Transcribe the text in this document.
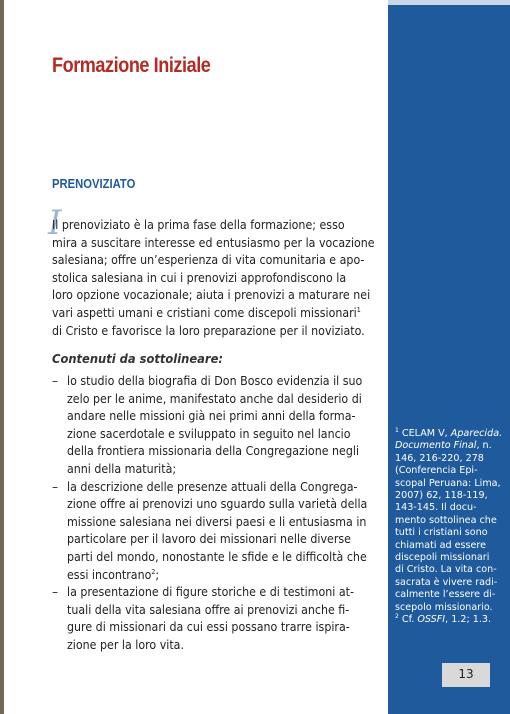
Formazione Iniziale
PRENOVIZIATO
I
Il prenoviziato è la prima fase della formazione; esso
mira a suscitare interesse ed entusiasmo per la vocazione
salesiana; offre un’esperienza di vita comunitaria e apo-
stolica salesiana in cui i prenovizi approfondiscono la
loro opzione vocazionale; aiuta i prenovizi a maturare nei
vari aspetti umani e cristiani come discepoli missionari$^1$
di Cristo e favorisce la loro preparazione per il noviziato.
Contenuti da sottolineare:
– lo studio della biografia di Don Bosco evidenzia il suo
zelo per le anime, manifestato anche dal desiderio di
andare nelle missioni già nei primi anni della forma-
zione sacerdotale e sviluppato in seguito nel lancio
della frontiera missionaria della Congregazione negli
anni della maturità;
– la descrizione delle presenze attuali della Congrega-
zione offre ai prenovizi uno sguardo sulla varietà della
missione salesiana nei diversi paesi e li entusiasma in
particolare per il lavoro dei missionari nelle diverse
parti del mondo, nonostante le sfide e le difficoltà che
essi incontrano$^2$;
– la presentazione di figure storiche e di testimoni at-
tuali della vita salesiana offre ai prenovizi anche fi-
gure di missionari da cui essi possano trarre ispira-
zione per la loro vita.
$^1$ CELAM V, Aparecida.
Documento Final, n.
146, 216-220, 278
(Conferencia Epi-
scopal Peruana: Lima,
2007) 62, 118-119,
143-145. Il docu-
mento sottolinea che
tutti i cristiani sono
chiamati ad essere
discepoli missionari
di Cristo. La vita con-
sacrata è vivere radi-
calmente l’essere di-
scepolo missionario.
$^2$ Cf. OSSFI, 1.2; 1.3.
13
